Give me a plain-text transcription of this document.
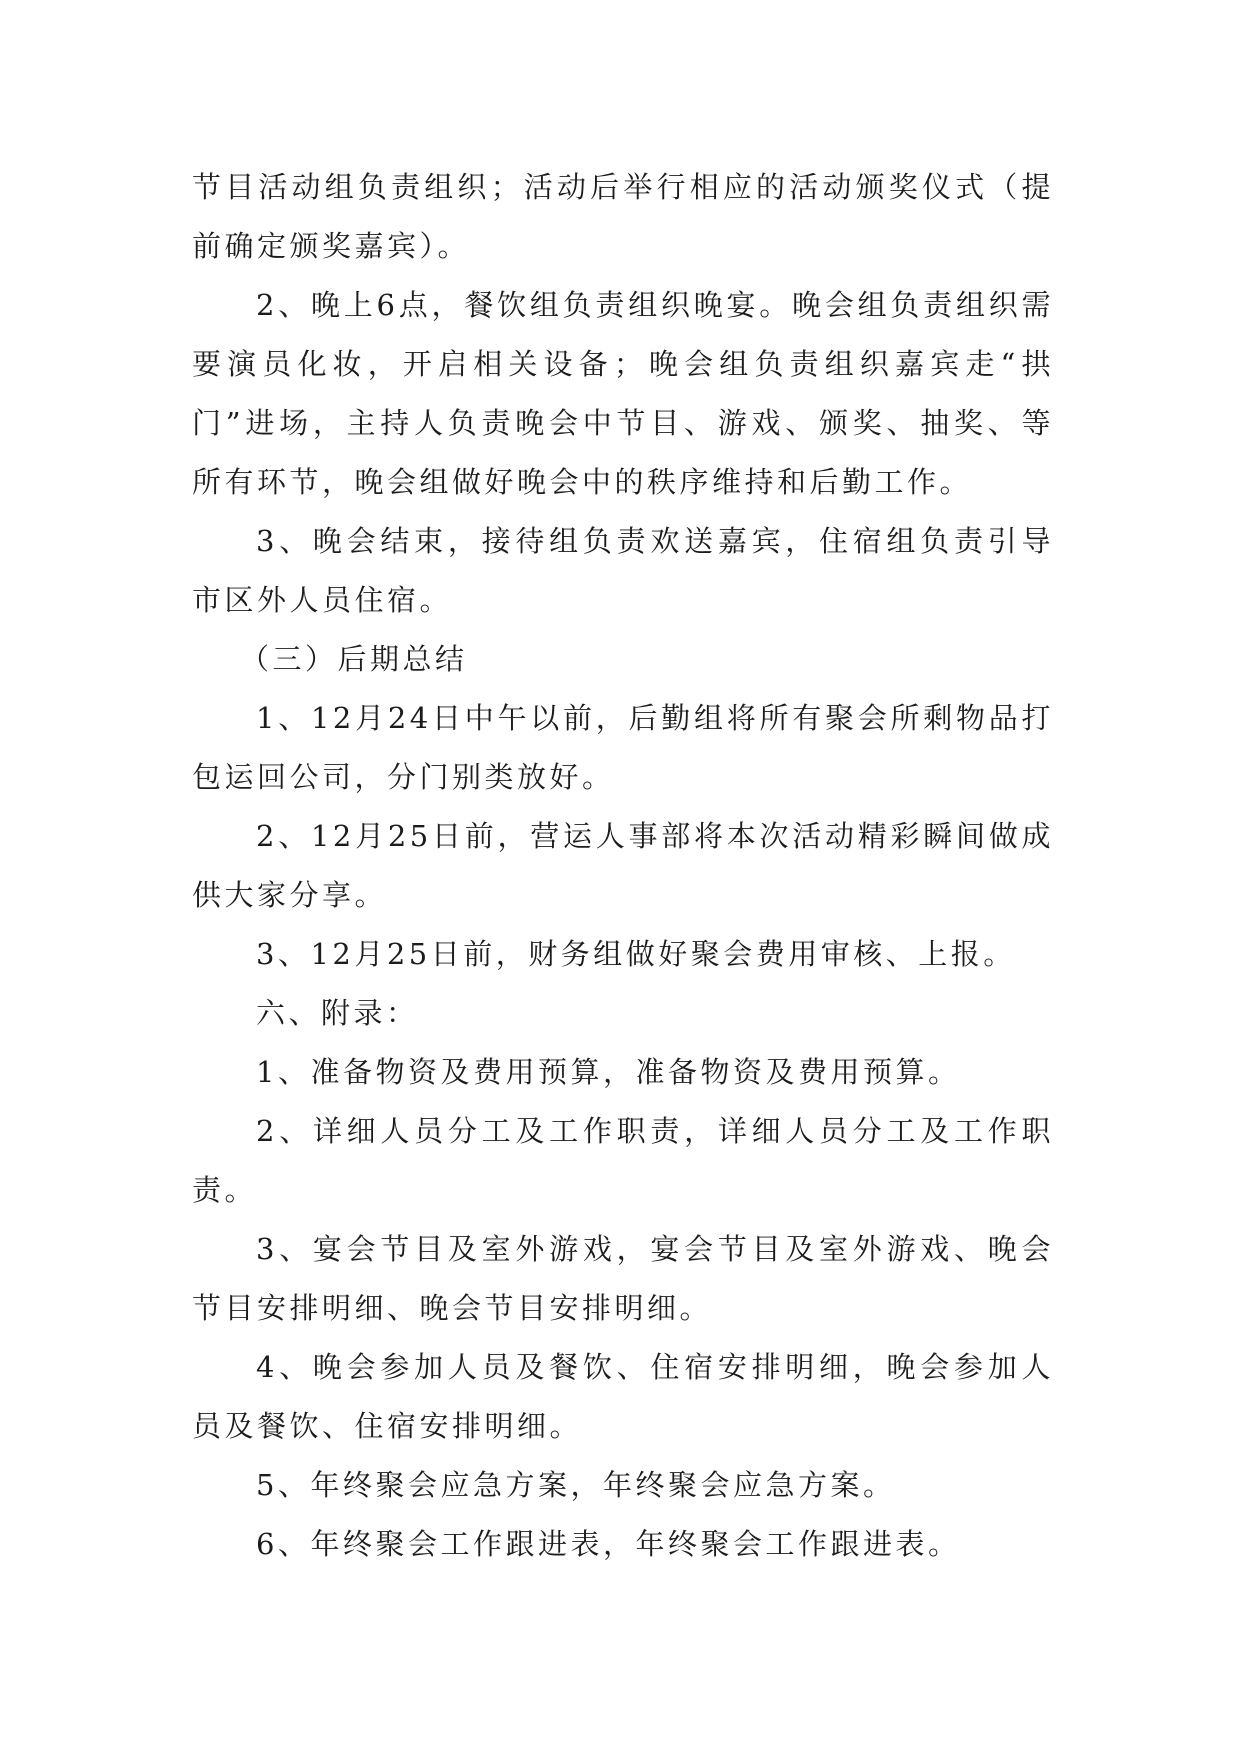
节目活动组负责组织；活动后举行相应的活动颁奖仪式（提前确定颁奖嘉宾）。

2、晚上6点，餐饮组负责组织晚宴。晚会组负责组织需要演员化妆，开启相关设备；晚会组负责组织嘉宾走“拱门”进场，主持人负责晚会中节目、游戏、颁奖、抽奖、等所有环节，晚会组做好晚会中的秩序维持和后勤工作。

3、晚会结束，接待组负责欢送嘉宾，住宿组负责引导市区外人员住宿。

（三）后期总结

1、12月24日中午以前，后勤组将所有聚会所剩物品打包运回公司，分门别类放好。

2、12月25日前，营运人事部将本次活动精彩瞬间做成供大家分享。

3、12月25日前，财务组做好聚会费用审核、上报。

六、附录：

1、准备物资及费用预算，准备物资及费用预算。

2、详细人员分工及工作职责，详细人员分工及工作职责。

3、宴会节目及室外游戏，宴会节目及室外游戏、晚会节目安排明细、晚会节目安排明细。

4、晚会参加人员及餐饮、住宿安排明细，晚会参加人员及餐饮、住宿安排明细。

5、年终聚会应急方案，年终聚会应急方案。

6、年终聚会工作跟进表，年终聚会工作跟进表。
